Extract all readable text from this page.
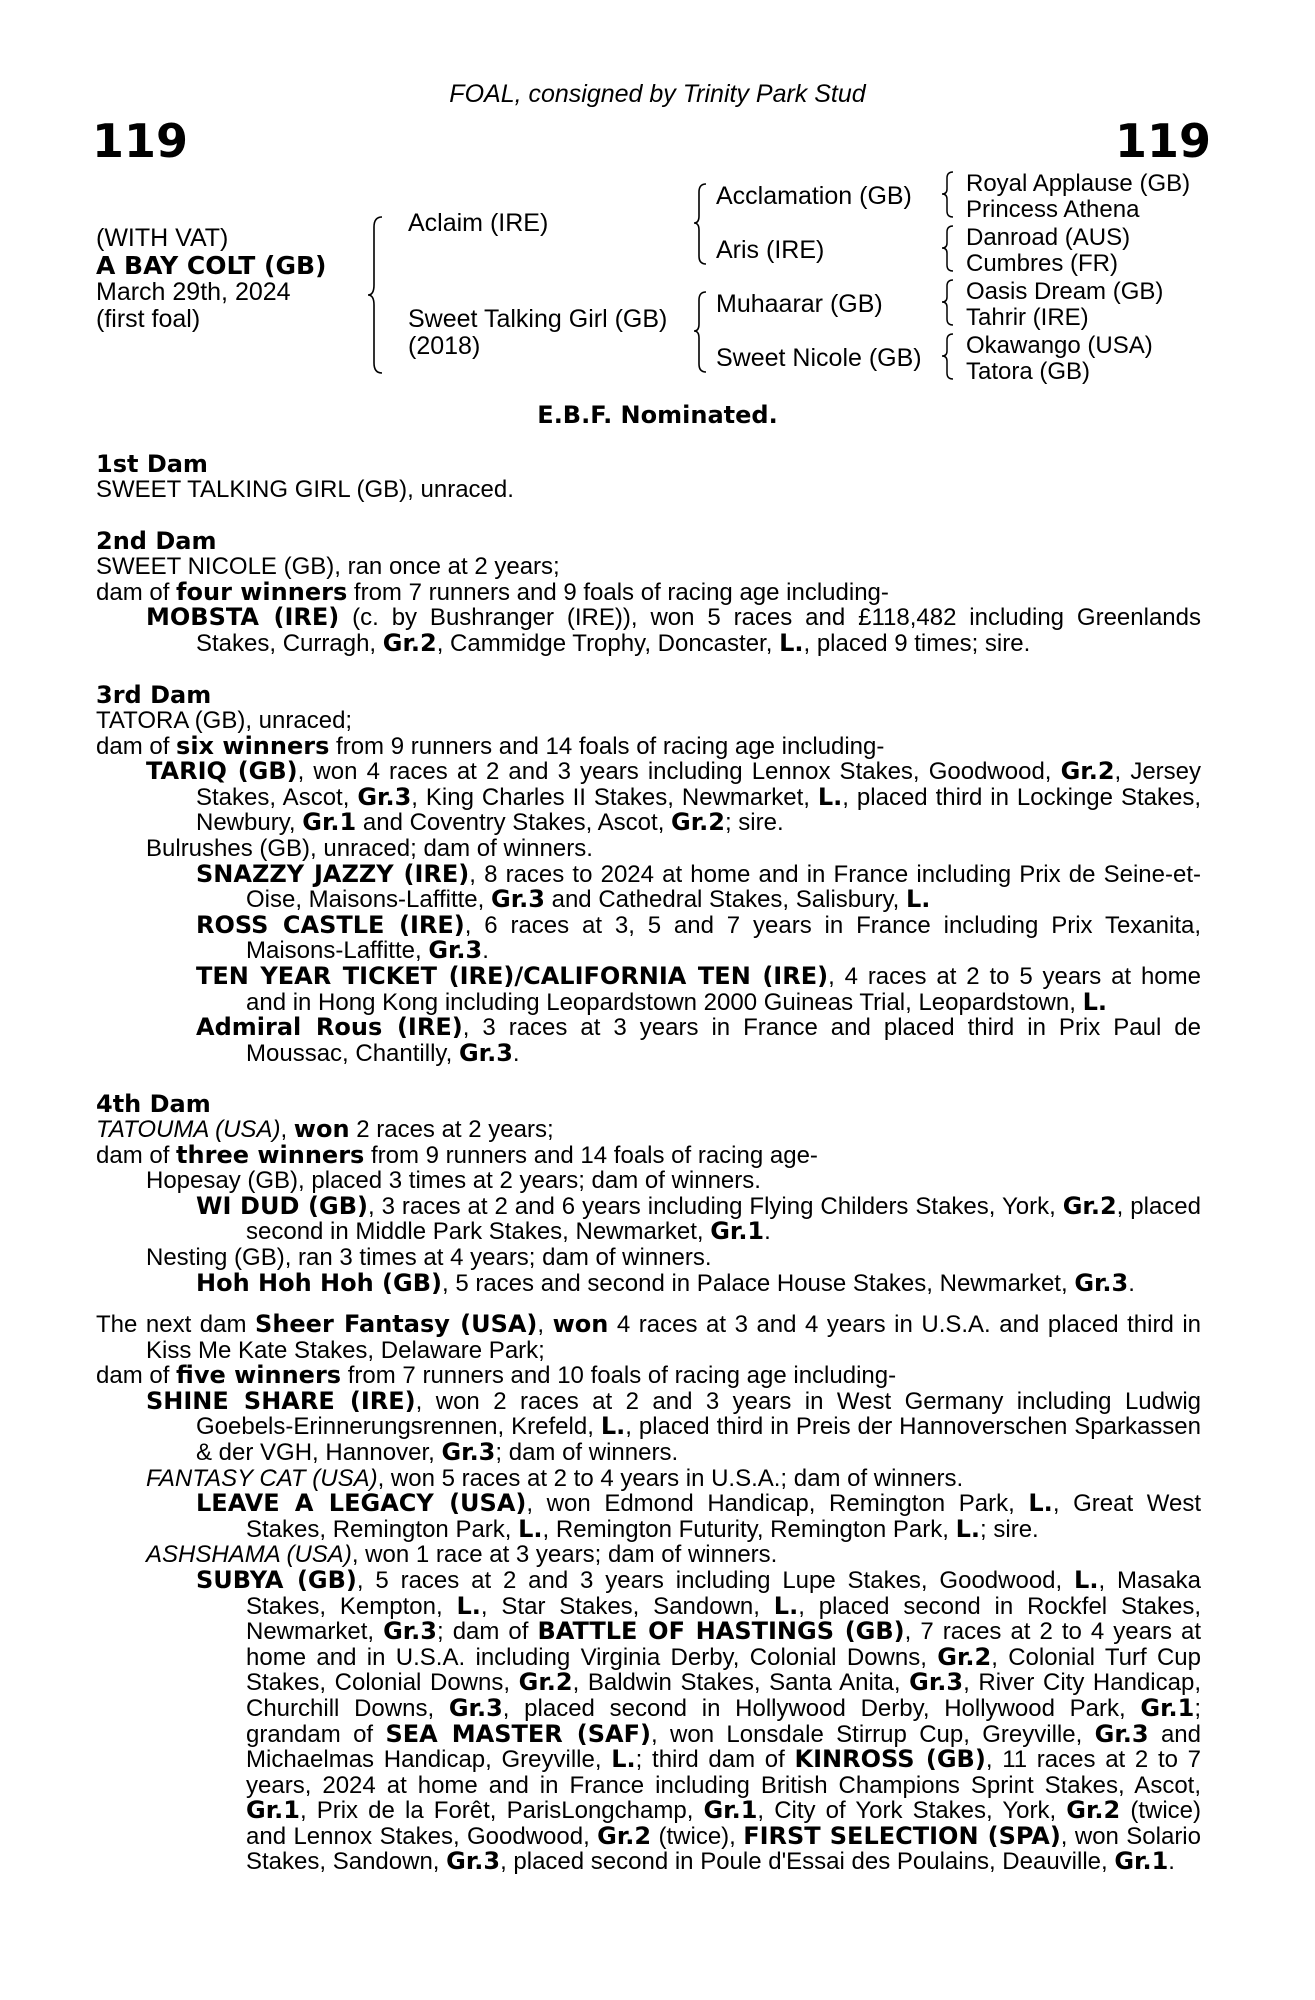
119	119
FOAL, consigned by Trinity Park Stud
(WITH VAT)
A BAY COLT (GB)
March 29th, 2024
(first foal)
Aclaim (IRE)
Sweet Talking Girl (GB)
(2018)
Acclamation (GB)
Aris (IRE)
Muhaarar (GB)
Sweet Nicole (GB)
Royal Applause (GB)
Princess Athena
Danroad (AUS)
Cumbres (FR)
Oasis Dream (GB)
Tahrir (IRE)
Okawango (USA)
Tatora (GB)
E.B.F. Nominated.
1st Dam
SWEET TALKING GIRL (GB), unraced.
2nd Dam
SWEET NICOLE (GB), ran once at 2 years;
dam of four winners from 7 runners and 9 foals of racing age including-
MOBSTA (IRE) (c. by Bushranger (IRE)), won 5 races and £118,482 including Greenlands Stakes, Curragh, Gr.2, Cammidge Trophy, Doncaster, L., placed 9 times; sire.
3rd Dam
TATORA (GB), unraced;
dam of six winners from 9 runners and 14 foals of racing age including-
TARIQ (GB), won 4 races at 2 and 3 years including Lennox Stakes, Goodwood, Gr.2, Jersey Stakes, Ascot, Gr.3, King Charles II Stakes, Newmarket, L., placed third in Lockinge Stakes, Newbury, Gr.1 and Coventry Stakes, Ascot, Gr.2; sire.
Bulrushes (GB), unraced; dam of winners.
SNAZZY JAZZY (IRE), 8 races to 2024 at home and in France including Prix de Seine-et-Oise, Maisons-Laffitte, Gr.3 and Cathedral Stakes, Salisbury, L.
ROSS CASTLE (IRE), 6 races at 3, 5 and 7 years in France including Prix Texanita, Maisons-Laffitte, Gr.3.
TEN YEAR TICKET (IRE)/CALIFORNIA TEN (IRE), 4 races at 2 to 5 years at home and in Hong Kong including Leopardstown 2000 Guineas Trial, Leopardstown, L.
Admiral Rous (IRE), 3 races at 3 years in France and placed third in Prix Paul de Moussac, Chantilly, Gr.3.
4th Dam
TATOUMA (USA), won 2 races at 2 years;
dam of three winners from 9 runners and 14 foals of racing age-
Hopesay (GB), placed 3 times at 2 years; dam of winners.
WI DUD (GB), 3 races at 2 and 6 years including Flying Childers Stakes, York, Gr.2, placed second in Middle Park Stakes, Newmarket, Gr.1.
Nesting (GB), ran 3 times at 4 years; dam of winners.
Hoh Hoh Hoh (GB), 5 races and second in Palace House Stakes, Newmarket, Gr.3.
The next dam Sheer Fantasy (USA), won 4 races at 3 and 4 years in U.S.A. and placed third in Kiss Me Kate Stakes, Delaware Park;
dam of five winners from 7 runners and 10 foals of racing age including-
SHINE SHARE (IRE), won 2 races at 2 and 3 years in West Germany including Ludwig Goebels-Erinnerungsrennen, Krefeld, L., placed third in Preis der Hannoverschen Sparkassen & der VGH, Hannover, Gr.3; dam of winners.
FANTASY CAT (USA), won 5 races at 2 to 4 years in U.S.A.; dam of winners.
LEAVE A LEGACY (USA), won Edmond Handicap, Remington Park, L., Great West Stakes, Remington Park, L., Remington Futurity, Remington Park, L.; sire.
ASHSHAMA (USA), won 1 race at 3 years; dam of winners.
SUBYA (GB), 5 races at 2 and 3 years including Lupe Stakes, Goodwood, L., Masaka Stakes, Kempton, L., Star Stakes, Sandown, L., placed second in Rockfel Stakes, Newmarket, Gr.3; dam of BATTLE OF HASTINGS (GB), 7 races at 2 to 4 years at home and in U.S.A. including Virginia Derby, Colonial Downs, Gr.2, Colonial Turf Cup Stakes, Colonial Downs, Gr.2, Baldwin Stakes, Santa Anita, Gr.3, River City Handicap, Churchill Downs, Gr.3, placed second in Hollywood Derby, Hollywood Park, Gr.1; grandam of SEA MASTER (SAF), won Lonsdale Stirrup Cup, Greyville, Gr.3 and Michaelmas Handicap, Greyville, L.; third dam of KINROSS (GB), 11 races at 2 to 7 years, 2024 at home and in France including British Champions Sprint Stakes, Ascot, Gr.1, Prix de la Forêt, ParisLongchamp, Gr.1, City of York Stakes, York, Gr.2 (twice) and Lennox Stakes, Goodwood, Gr.2 (twice), FIRST SELECTION (SPA), won Solario Stakes, Sandown, Gr.3, placed second in Poule d'Essai des Poulains, Deauville, Gr.1.
